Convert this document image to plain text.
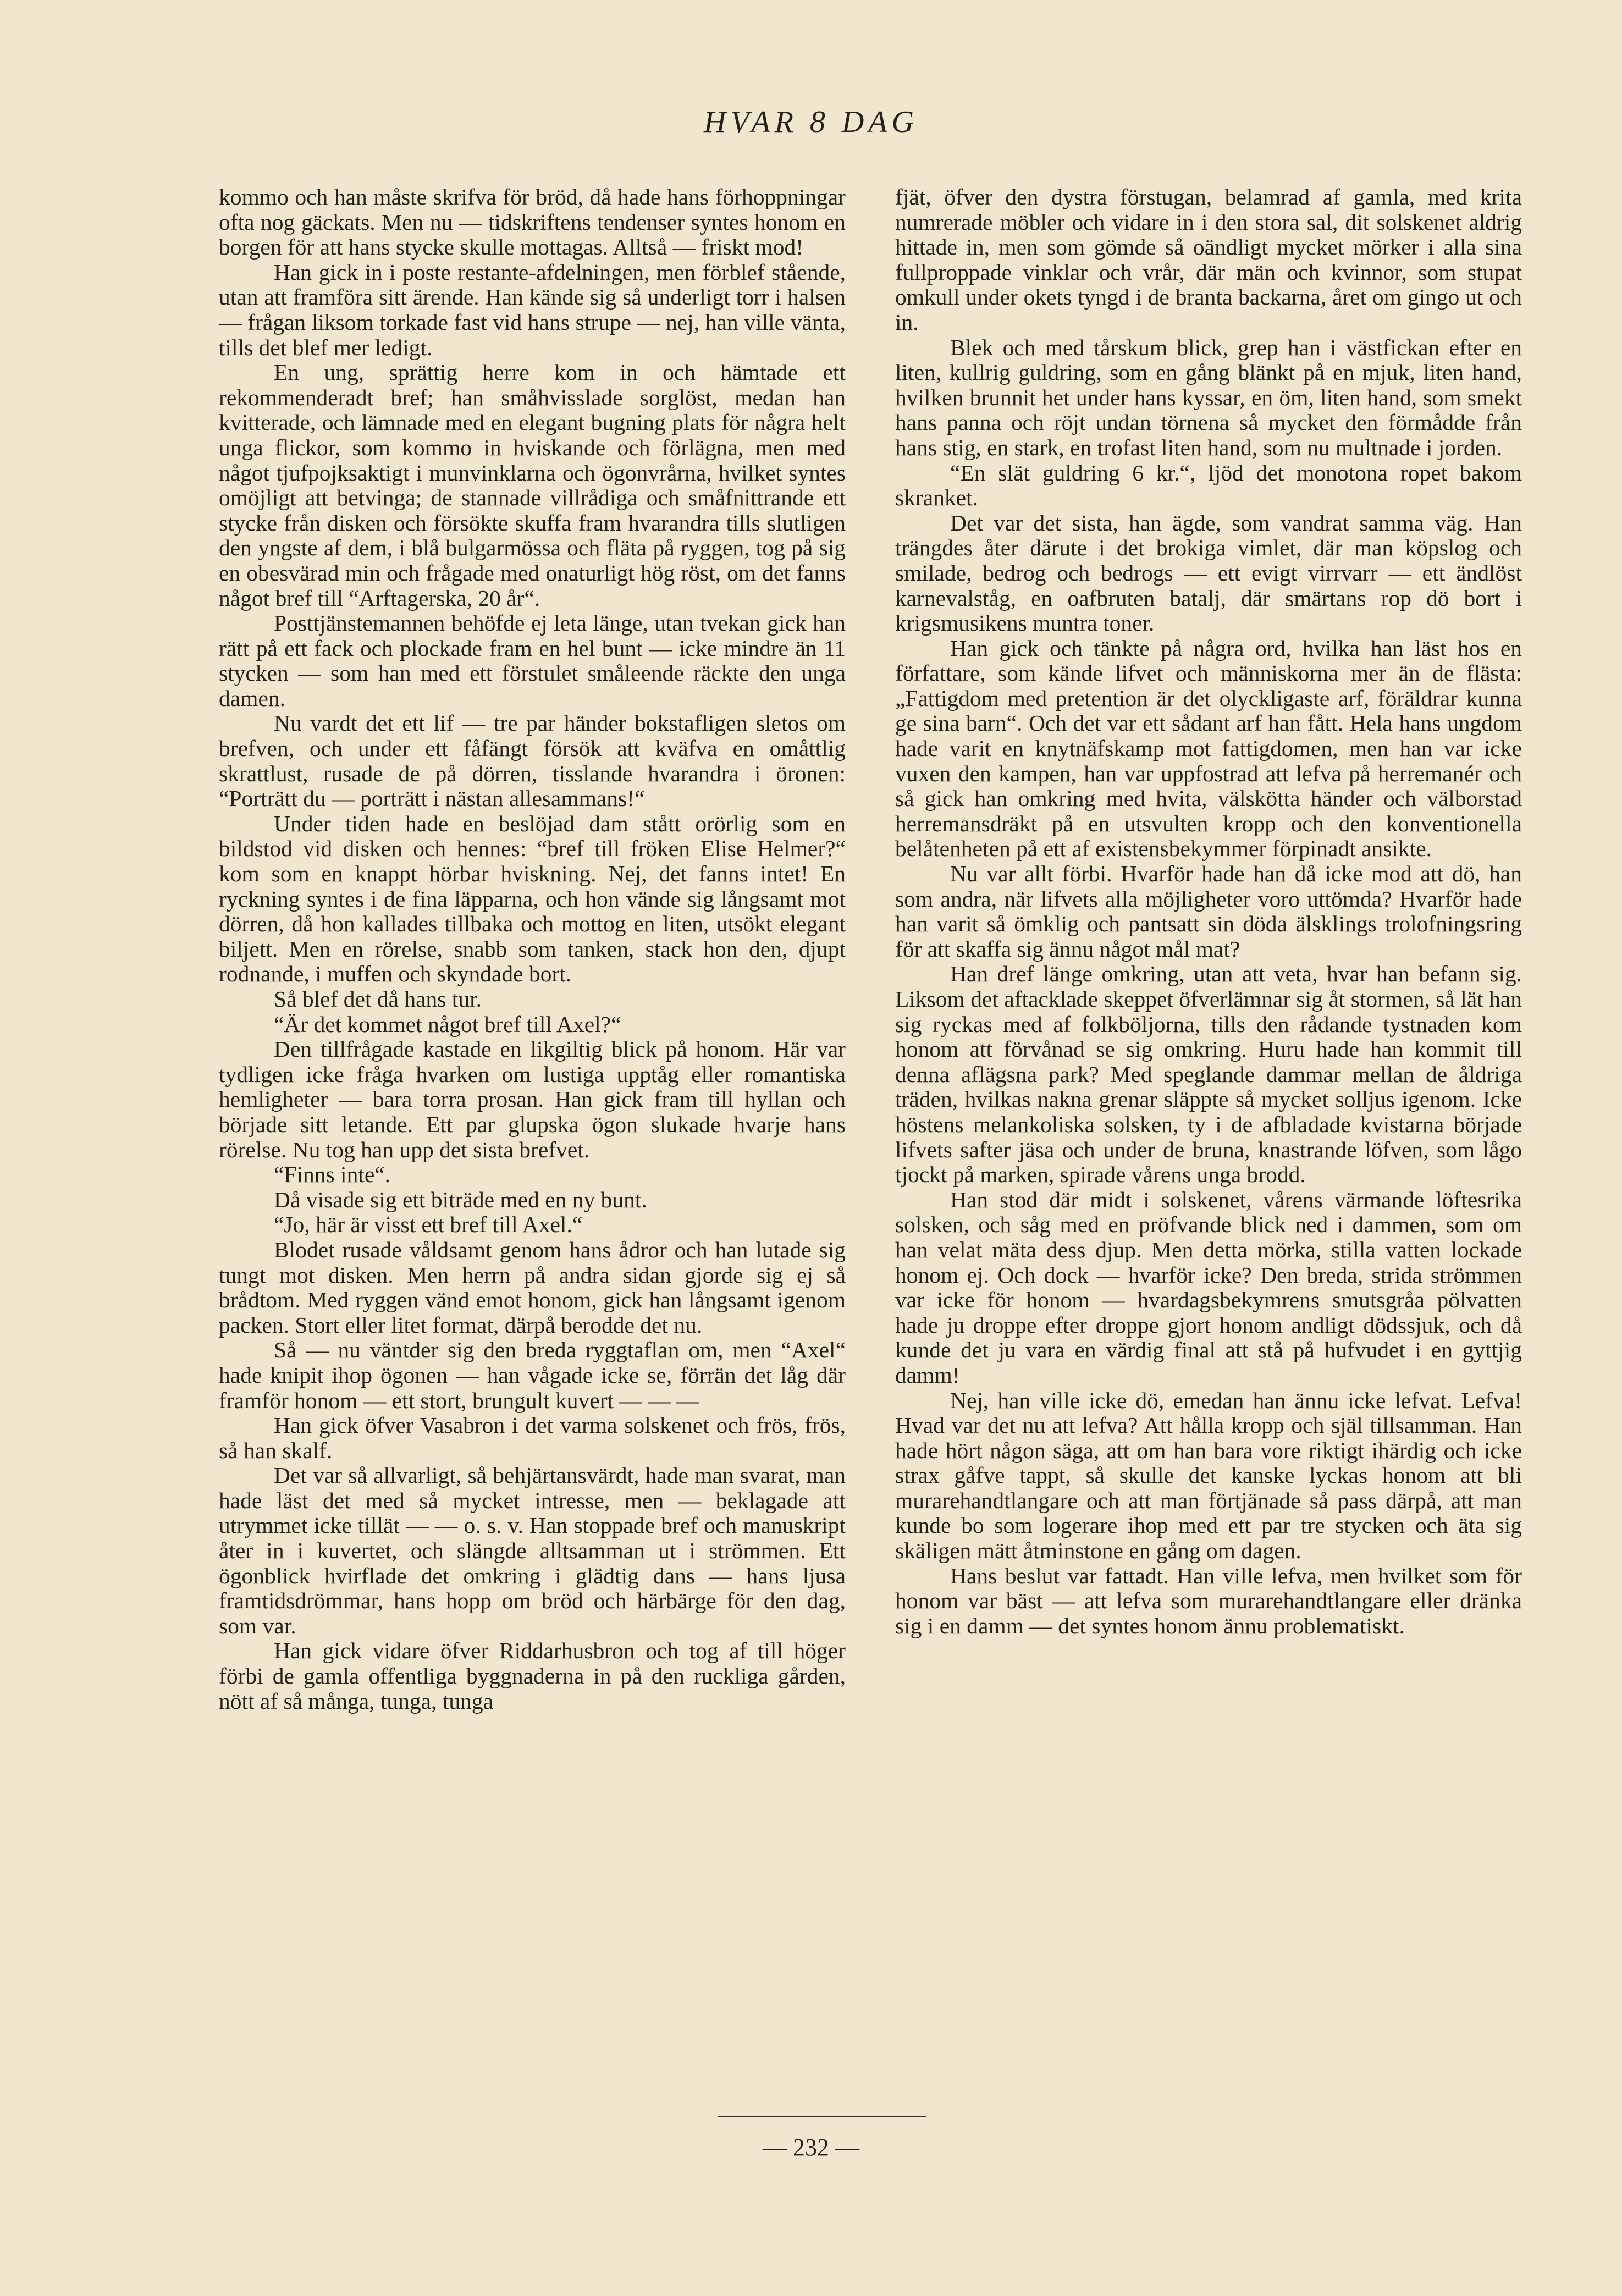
HVAR 8 DAG

kommo och han måste skrifva för bröd, då hade hans förhoppningar ofta nog gäckats. Men nu — tidskriftens tendenser syntes honom en borgen för att hans stycke skulle mottagas. Alltså — friskt mod!

Han gick in i poste restante-afdelningen, men förblef stående, utan att framföra sitt ärende. Han kände sig så underligt torr i halsen — frågan liksom torkade fast vid hans strupe — nej, han ville vänta, tills det blef mer ledigt.

En ung, sprättig herre kom in och hämtade ett rekommenderadt bref; han småhvisslade sorglöst, medan han kvitterade, och lämnade med en elegant bugning plats för några helt unga flickor, som kommo in hviskande och förlägna, men med något tjufpojksaktigt i munvinklarna och ögonvrårna, hvilket syntes omöjligt att betvinga; de stannade villrådiga och småfnittrande ett stycke från disken och försökte skuffa fram hvarandra tills slutligen den yngste af dem, i blå bulgarmössa och fläta på ryggen, tog på sig en obesvärad min och frågade med onaturligt hög röst, om det fanns något bref till “Arftagerska, 20 år“.

Posttjänstemannen behöfde ej leta länge, utan tvekan gick han rätt på ett fack och plockade fram en hel bunt — icke mindre än 11 stycken — som han med ett förstulet småleende räckte den unga damen.

Nu vardt det ett lif — tre par händer bokstafligen sletos om brefven, och under ett fåfängt försök att kväfva en omåttlig skrattlust, rusade de på dörren, tisslande hvarandra i öronen: “Porträtt du — porträtt i nästan allesammans!“

Under tiden hade en beslöjad dam stått orörlig som en bildstod vid disken och hennes: “bref till fröken Elise Helmer?“ kom som en knappt hörbar hviskning. Nej, det fanns intet! En ryckning syntes i de fina läpparna, och hon vände sig långsamt mot dörren, då hon kallades tillbaka och mottog en liten, utsökt elegant biljett. Men en rörelse, snabb som tanken, stack hon den, djupt rodnande, i muffen och skyndade bort.

Så blef det då hans tur.

“Är det kommet något bref till Axel?“

Den tillfrågade kastade en likgiltig blick på honom. Här var tydligen icke fråga hvarken om lustiga upptåg eller romantiska hemligheter — bara torra prosan. Han gick fram till hyllan och började sitt letande. Ett par glupska ögon slukade hvarje hans rörelse. Nu tog han upp det sista brefvet.

“Finns inte“.

Då visade sig ett biträde med en ny bunt.

“Jo, här är visst ett bref till Axel.“

Blodet rusade våldsamt genom hans ådror och han lutade sig tungt mot disken. Men herrn på andra sidan gjorde sig ej så brådtom. Med ryggen vänd emot honom, gick han långsamt igenom packen. Stort eller litet format, därpå berodde det nu.

Så — nu väntder sig den breda ryggtaflan om, men “Axel“ hade knipit ihop ögonen — han vågade icke se, förrän det låg där framför honom — ett stort, brungult kuvert — — —

Han gick öfver Vasabron i det varma solskenet och frös, frös, så han skalf.

Det var så allvarligt, så behjärtansvärdt, hade man svarat, man hade läst det med så mycket intresse, men — beklagade att utrymmet icke tillät — — o. s. v. Han stoppade bref och manuskript åter in i kuvertet, och slängde alltsamman ut i strömmen. Ett ögonblick hvirflade det omkring i glädtig dans — hans ljusa framtidsdrömmar, hans hopp om bröd och härbärge för den dag, som var.

Han gick vidare öfver Riddarhusbron och tog af till höger förbi de gamla offentliga byggnaderna in på den ruckliga gården, nött af så många, tunga, tunga

fjät, öfver den dystra förstugan, belamrad af gamla, med krita numrerade möbler och vidare in i den stora sal, dit solskenet aldrig hittade in, men som gömde så oändligt mycket mörker i alla sina fullproppade vinklar och vrår, där män och kvinnor, som stupat omkull under okets tyngd i de branta backarna, året om gingo ut och in.

Blek och med tårskum blick, grep han i västfickan efter en liten, kullrig guldring, som en gång blänkt på en mjuk, liten hand, hvilken brunnit het under hans kyssar, en öm, liten hand, som smekt hans panna och röjt undan törnena så mycket den förmådde från hans stig, en stark, en trofast liten hand, som nu multnade i jorden.

“En slät guldring 6 kr.“, ljöd det monotona ropet bakom skranket.

Det var det sista, han ägde, som vandrat samma väg. Han trängdes åter därute i det brokiga vimlet, där man köpslog och smilade, bedrog och bedrogs — ett evigt virrvarr — ett ändlöst karnevalståg, en oafbruten batalj, där smärtans rop dö bort i krigsmusikens muntra toner.

Han gick och tänkte på några ord, hvilka han läst hos en författare, som kände lifvet och människorna mer än de flästa: „Fattigdom med pretention är det olyckligaste arf, föräldrar kunna ge sina barn“. Och det var ett sådant arf han fått. Hela hans ungdom hade varit en knytnäfskamp mot fattigdomen, men han var icke vuxen den kampen, han var uppfostrad att lefva på herremanér och så gick han omkring med hvita, välskötta händer och välborstad herremansdräkt på en utsvulten kropp och den konventionella belåtenheten på ett af existensbekymmer förpinadt ansikte.

Nu var allt förbi. Hvarför hade han då icke mod att dö, han som andra, när lifvets alla möjligheter voro uttömda? Hvarför hade han varit så ömklig och pantsatt sin döda älsklings trolofningsring för att skaffa sig ännu något mål mat?

Han dref länge omkring, utan att veta, hvar han befann sig. Liksom det aftacklade skeppet öfverlämnar sig åt stormen, så lät han sig ryckas med af folkböljorna, tills den rådande tystnaden kom honom att förvånad se sig omkring. Huru hade han kommit till denna aflägsna park? Med speglande dammar mellan de åldriga träden, hvilkas nakna grenar släppte så mycket solljus igenom. Icke höstens melankoliska solsken, ty i de afbladade kvistarna började lifvets safter jäsa och under de bruna, knastrande löfven, som lågo tjockt på marken, spirade vårens unga brodd.

Han stod där midt i solskenet, vårens värmande löftesrika solsken, och såg med en pröfvande blick ned i dammen, som om han velat mäta dess djup. Men detta mörka, stilla vatten lockade honom ej. Och dock — hvarför icke? Den breda, strida strömmen var icke för honom — hvardagsbekymrens smutsgråa pölvatten hade ju droppe efter droppe gjort honom andligt dödssjuk, och då kunde det ju vara en värdig final att stå på hufvudet i en gyttjig damm!

Nej, han ville icke dö, emedan han ännu icke lefvat. Lefva! Hvad var det nu att lefva? Att hålla kropp och själ tillsamman. Han hade hört någon säga, att om han bara vore riktigt ihärdig och icke strax gåfve tappt, så skulle det kanske lyckas honom att bli murarehandtlangare och att man förtjänade så pass därpå, att man kunde bo som logerare ihop med ett par tre stycken och äta sig skäligen mätt åtminstone en gång om dagen.

Hans beslut var fattadt. Han ville lefva, men hvilket som för honom var bäst — att lefva som murarehandtlangare eller dränka sig i en damm — det syntes honom ännu problematiskt.

— 232 —
